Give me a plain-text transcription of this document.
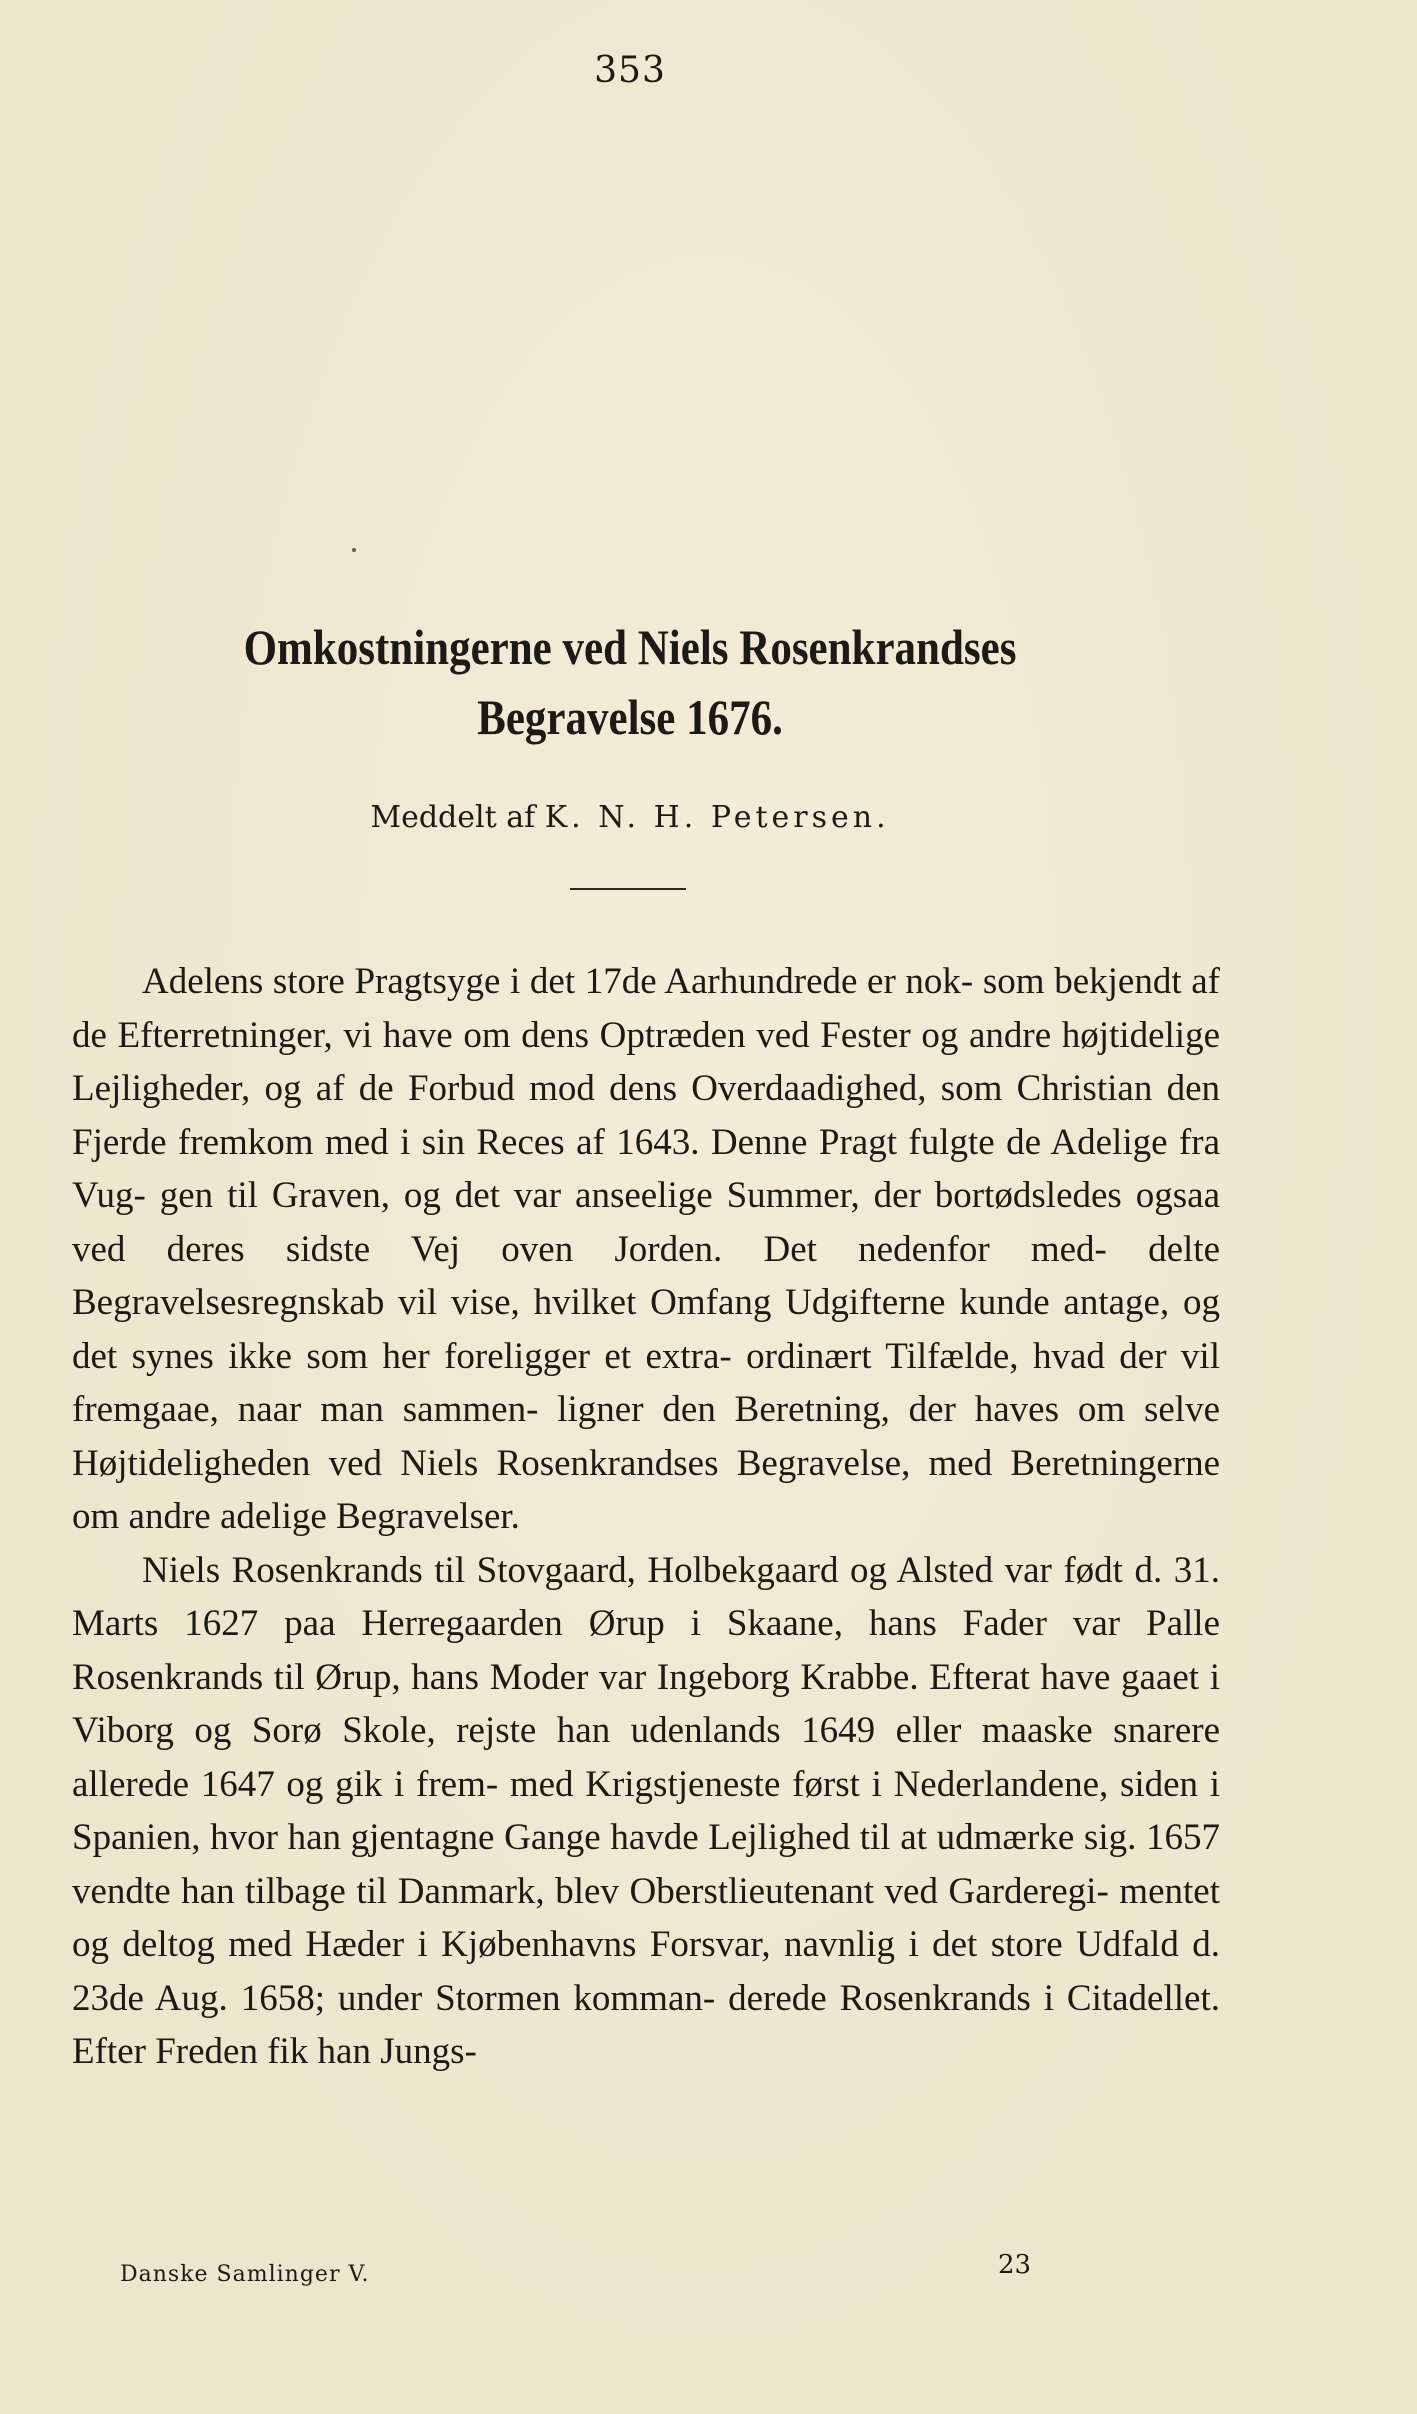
353
Omkostningerne ved Niels Rosenkrandses Begravelse 1676.
Meddelt af K. N. H. Petersen.

Adelens store Pragtsyge i det 17de Aarhundrede er nok- som bekjendt af de Efterretninger, vi have om dens Optræden ved Fester og andre højtidelige Lejligheder, og af de Forbud mod dens Overdaadighed, som Christian den Fjerde fremkom med i sin Reces af 1643. Denne Pragt fulgte de Adelige fra Vug- gen til Graven, og det var anseelige Summer, der bortødsledes ogsaa ved deres sidste Vej oven Jorden. Det nedenfor med- delte Begravelsesregnskab vil vise, hvilket Omfang Udgifterne kunde antage, og det synes ikke som her foreligger et extra- ordinært Tilfælde, hvad der vil fremgaae, naar man sammen- ligner den Beretning, der haves om selve Højtideligheden ved Niels Rosenkrandses Begravelse, med Beretningerne om andre adelige Begravelser.

Niels Rosenkrands til Stovgaard, Holbekgaard og Alsted var født d. 31. Marts 1627 paa Herregaarden Ørup i Skaane, hans Fader var Palle Rosenkrands til Ørup, hans Moder var Ingeborg Krabbe. Efterat have gaaet i Viborg og Sorø Skole, rejste han udenlands 1649 eller maaske snarere allerede 1647 og gik i frem- med Krigstjeneste først i Nederlandene, siden i Spanien, hvor han gjentagne Gange havde Lejlighed til at udmærke sig. 1657 vendte han tilbage til Danmark, blev Oberstlieutenant ved Garderegi- mentet og deltog med Hæder i Kjøbenhavns Forsvar, navnlig i det store Udfald d. 23de Aug. 1658; under Stormen komman- derede Rosenkrands i Citadellet. Efter Freden fik han Jungs-

Danske Samlinger V.	23
